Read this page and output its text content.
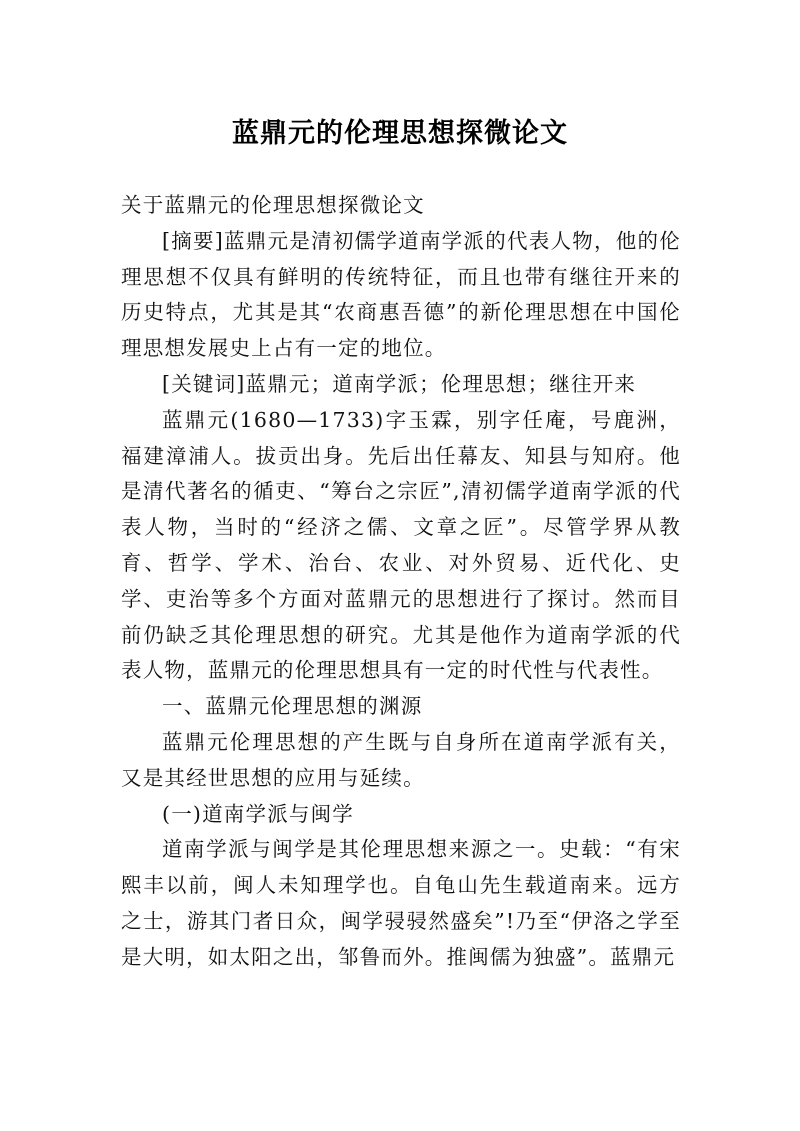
蓝鼎元的伦理思想探微论文

关于蓝鼎元的伦理思想探微论文

[摘要]蓝鼎元是清初儒学道南学派的代表人物，他的伦理思想不仅具有鲜明的传统特征，而且也带有继往开来的历史特点，尤其是其“农商惠吾德”的新伦理思想在中国伦理思想发展史上占有一定的地位。

[关键词]蓝鼎元；道南学派；伦理思想；继往开来

蓝鼎元(1680—1733)字玉霖，别字任庵，号鹿洲，福建漳浦人。拔贡出身。先后出任幕友、知县与知府。他是清代著名的循吏、“筹台之宗匠”,清初儒学道南学派的代表人物，当时的“经济之儒、文章之匠”。尽管学界从教育、哲学、学术、治台、农业、对外贸易、近代化、史学、吏治等多个方面对蓝鼎元的思想进行了探讨。然而目前仍缺乏其伦理思想的研究。尤其是他作为道南学派的代表人物，蓝鼎元的伦理思想具有一定的时代性与代表性。

一、蓝鼎元伦理思想的渊源

蓝鼎元伦理思想的产生既与自身所在道南学派有关，又是其经世思想的应用与延续。

(一)道南学派与闽学

道南学派与闽学是其伦理思想来源之一。史载：“有宋熙丰以前，闽人未知理学也。自龟山先生载道南来。远方之士，游其门者日众，闽学骎骎然盛矣”!乃至“伊洛之学至是大明，如太阳之出，邹鲁而外。推闽儒为独盛”。蓝鼎元
